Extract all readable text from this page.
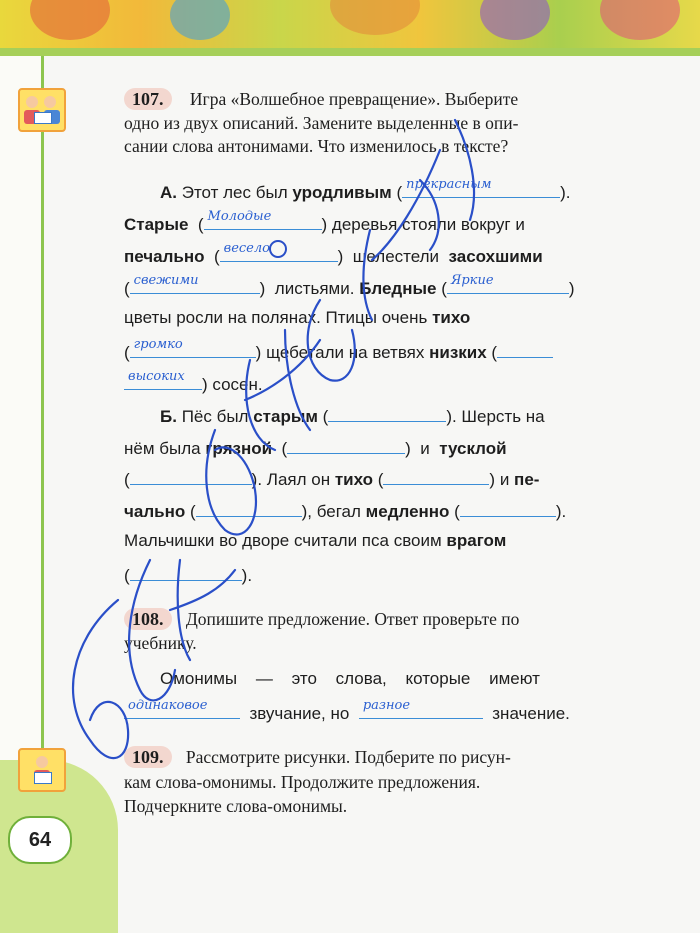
64
107. Игра «Волшебное превращение». Выберите
одно из двух описаний. Замените выделенные в опи-
сании слова антонимами. Что изменилось в тексте?
А. Этот лес был уродливым ( прекрасным	).
Старые  ( Молодые	) деревья стояли вокруг и
печально  ( весело	)  шелестели засохшими
( свежими	)  листьями. Бледные ( Яркие	)
цветы росли на полянах. Птицы очень тихо
( громко	) щебетали на ветвях низких (
высоких ) сосен.
Б. Пёс был старым (	). Шерсть на
нём была грязной  (	)  и тусклой
(	). Лаял он тихо (	) и пе-
чально (	), бегал медленно (	).
Мальчишки во дворе считали пса своим врагом
(	).
108. Допишите предложение. Ответ проверьте по
учебнику.
Омонимы — это слова, которые имеют
одинаковое звучание, но разное	значение.
109. Рассмотрите рисунки. Подберите по рисун-
кам слова-омонимы. Продолжите предложения.
Подчеркните слова-омонимы.
